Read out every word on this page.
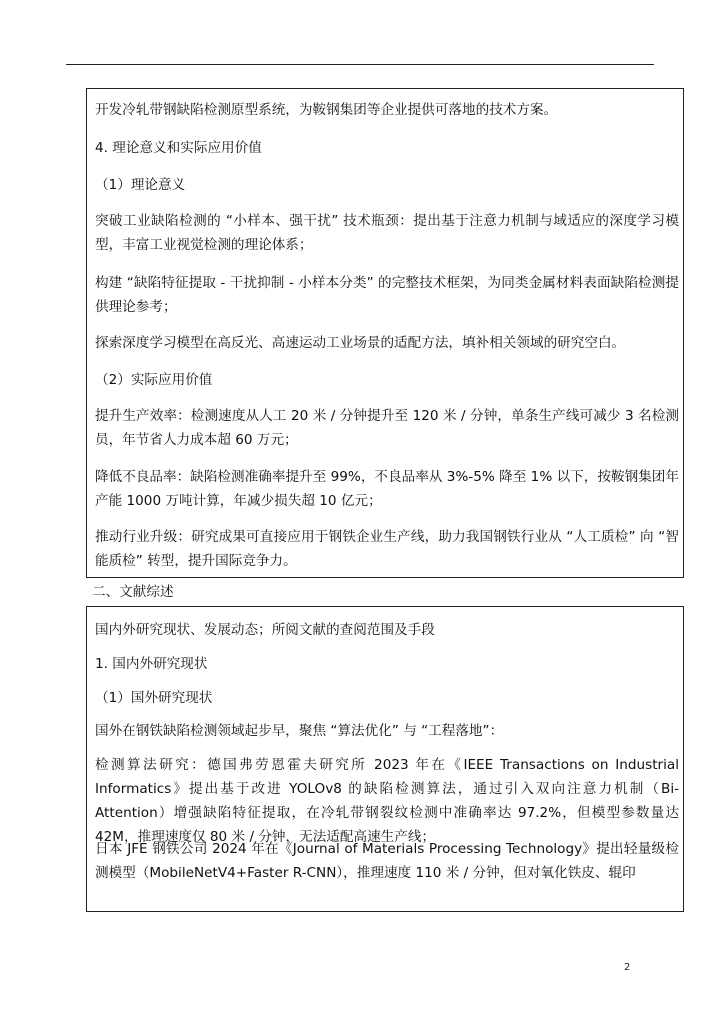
开发冷轧带钢缺陷检测原型系统，为鞍钢集团等企业提供可落地的技术方案。

4. 理论意义和实际应用价值

（1）理论意义

突破工业缺陷检测的 “小样本、强干扰” 技术瓶颈：提出基于注意力机制与域适应的深度学习模型，丰富工业视觉检测的理论体系；

构建 “缺陷特征提取 - 干扰抑制 - 小样本分类” 的完整技术框架，为同类金属材料表面缺陷检测提供理论参考；

探索深度学习模型在高反光、高速运动工业场景的适配方法，填补相关领域的研究空白。

（2）实际应用价值

提升生产效率：检测速度从人工 20 米 / 分钟提升至 120 米 / 分钟，单条生产线可减少 3 名检测员，年节省人力成本超 60 万元；

降低不良品率：缺陷检测准确率提升至 99%，不良品率从 3%-5% 降至 1% 以下，按鞍钢集团年产能 1000 万吨计算，年减少损失超 10 亿元；

推动行业升级：研究成果可直接应用于钢铁企业生产线，助力我国钢铁行业从 “人工质检” 向 “智能质检” 转型，提升国际竞争力。

二、文献综述

国内外研究现状、发展动态；所阅文献的查阅范围及手段

1. 国内外研究现状

（1）国外研究现状

国外在钢铁缺陷检测领域起步早，聚焦 “算法优化” 与 “工程落地”：

检测算法研究：德国弗劳恩霍夫研究所 2023 年在《IEEE Transactions on Industrial Informatics》提出基于改进 YOLOv8 的缺陷检测算法，通过引入双向注意力机制（Bi-Attention）增强缺陷特征提取，在冷轧带钢裂纹检测中准确率达 97.2%，但模型参数量达 42M，推理速度仅 80 米 / 分钟，无法适配高速生产线；

日本 JFE 钢铁公司 2024 年在《Journal of Materials Processing Technology》提出轻量级检测模型（MobileNetV4+Faster R-CNN），推理速度 110 米 / 分钟，但对氧化铁皮、辊印

2
